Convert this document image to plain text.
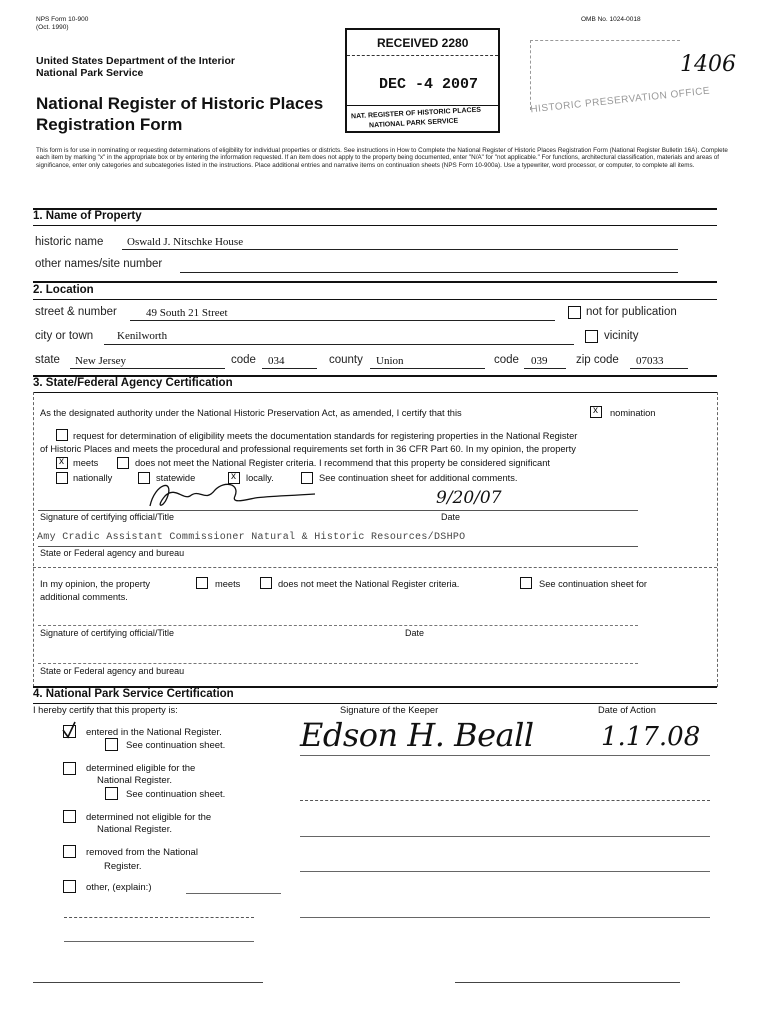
NPS Form 10-900
(Oct. 1990)
OMB No. 1024-0018
United States Department of the Interior
National Park Service
National Register of Historic Places
Registration Form
RECEIVED 2280
DEC -4 2007
NAT. REGISTER OF HISTORIC PLACES
NATIONAL PARK SERVICE
HISTORIC PRESERVATION OFFICE
1406
This form is for use in nominating or requesting determinations of eligibility for individual properties or districts. See instructions in How to Complete the National Register of Historic Places Registration Form (National Register Bulletin 16A). Complete each item by marking "x" in the appropriate box or by entering the information requested. If an item does not apply to the property being documented, enter "N/A" for "not applicable." For functions, architectural classification, materials and areas of significance, enter only categories and subcategories listed in the instructions. Place additional entries and narrative items on continuation sheets (NPS Form 10-900a). Use a typewriter, word processor, or computer, to complete all items.
1. Name of Property
historic name Oswald J. Nitschke House
other names/site number
2. Location
street & number	49 South 21 Street	not for publication
city or town Kenilworth	vicinity
state New Jersey	code 034	county Union	code 039 zip code 07033
3. State/Federal Agency Certification
As the designated authority under the National Historic Preservation Act, as amended, I certify that this x	nomination
request for determination of eligibility meets the documentation standards for registering properties in the National Register
of Historic Places and meets the procedural and professional requirements set forth in 36 CFR Part 60. In my opinion, the property
x
meets	does not meet the National Register criteria. I recommend that this property be considered significant
nationally	statewide x	locally.	See continuation sheet for additional comments.
9/20/07
Signature of certifying official/Title	Date
Amy Cradic Assistant Commissioner Natural & Historic Resources/DSHPO
State or Federal agency and bureau
In my opinion, the property	meets	does not meet the National Register criteria.	See continuation sheet for
additional comments.
Signature of certifying official/Title	Date
State or Federal agency and bureau
4. National Park Service Certification
I hereby certify that this property is:	Signature of the Keeper	Date of Action
Edson H. Beall	1.17.08
entered in the National Register.
See continuation sheet.
determined eligible for the
National Register.
See continuation sheet.
determined not eligible for the
National Register.
removed from the National
Register.
other, (explain:)
